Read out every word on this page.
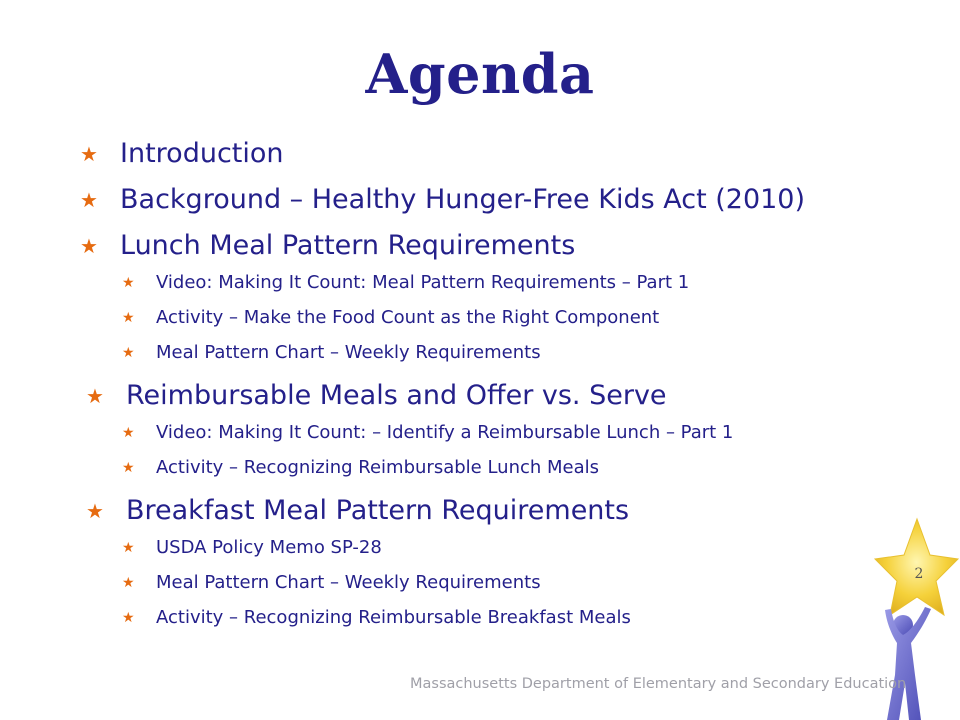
Agenda
★ Introduction
★ Background – Healthy Hunger-Free Kids Act (2010)
★ Lunch Meal Pattern Requirements
★	Video: Making It Count: Meal Pattern Requirements – Part 1
★	Activity – Make the Food Count as the Right Component
★	Meal Pattern Chart – Weekly Requirements
★ Reimbursable Meals and Offer vs. Serve
★	Video: Making It Count: – Identify a Reimbursable Lunch – Part 1
★	Activity – Recognizing Reimbursable Lunch Meals
★ Breakfast Meal Pattern Requirements
★	USDA Policy Memo SP-28
★	Meal Pattern Chart – Weekly Requirements
★	Activity – Recognizing Reimbursable Breakfast Meals
2
Massachusetts Department of Elementary and Secondary Education
